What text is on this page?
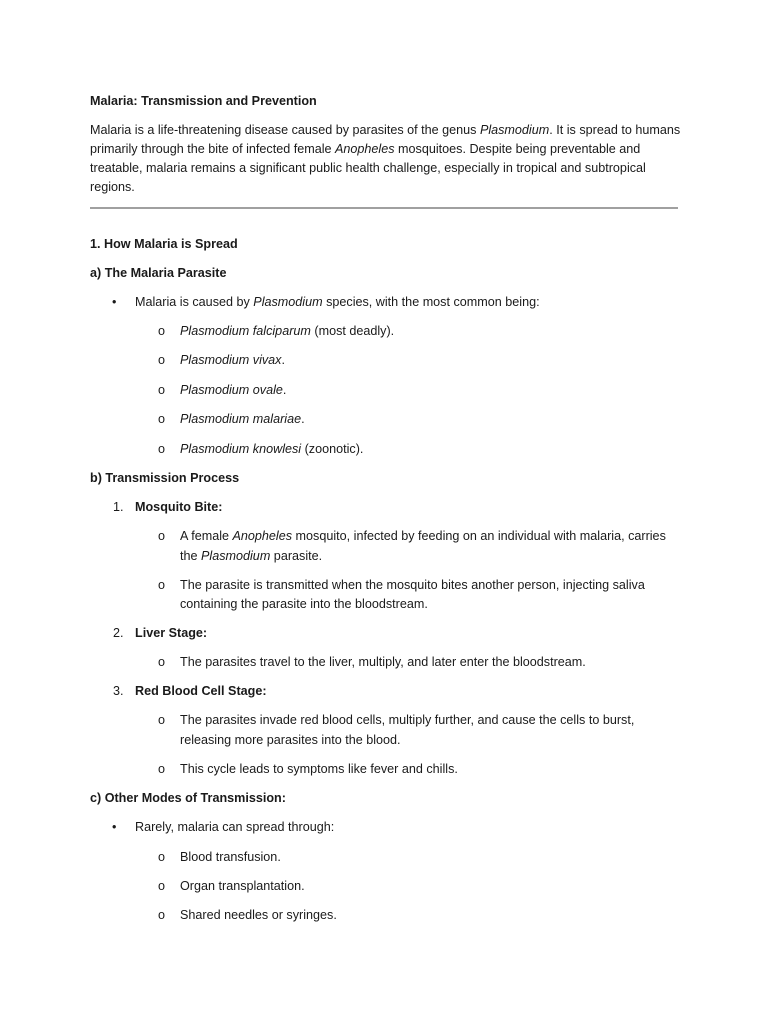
Malaria: Transmission and Prevention
Malaria is a life-threatening disease caused by parasites of the genus Plasmodium. It is spread to humans primarily through the bite of infected female Anopheles mosquitoes. Despite being preventable and treatable, malaria remains a significant public health challenge, especially in tropical and subtropical regions.
1. How Malaria is Spread
a) The Malaria Parasite
• Malaria is caused by Plasmodium species, with the most common being:
o Plasmodium falciparum (most deadly).
o Plasmodium vivax.
o Plasmodium ovale.
o Plasmodium malariae.
o Plasmodium knowlesi (zoonotic).
b) Transmission Process
1. Mosquito Bite:
o A female Anopheles mosquito, infected by feeding on an individual with malaria, carries
the Plasmodium parasite.
o The parasite is transmitted when the mosquito bites another person, injecting saliva
containing the parasite into the bloodstream.
2. Liver Stage:
o The parasites travel to the liver, multiply, and later enter the bloodstream.
3. Red Blood Cell Stage:
o The parasites invade red blood cells, multiply further, and cause the cells to burst,
releasing more parasites into the blood.
o This cycle leads to symptoms like fever and chills.
c) Other Modes of Transmission:
• Rarely, malaria can spread through:
o Blood transfusion.
o Organ transplantation.
o Shared needles or syringes.
